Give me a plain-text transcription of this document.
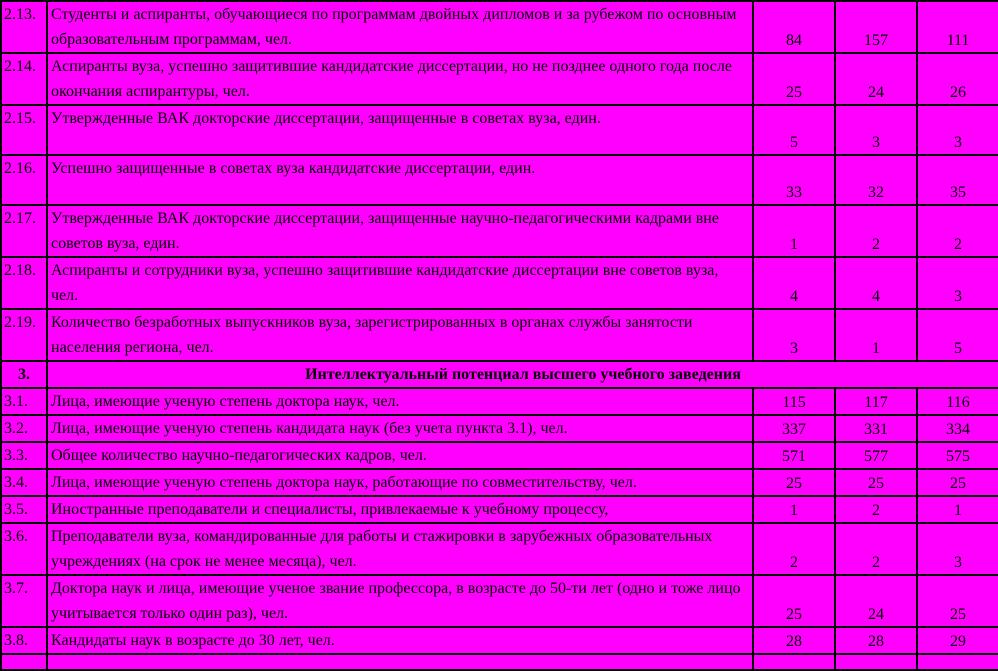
2.13.	Студенты и аспиранты, обучающиеся по программам двойных дипломов и за рубежом по основным образовательным программам, чел.	84	157	111
2.14.	Аспиранты вуза, успешно защитившие кандидатские диссертации, но не позднее одного года после окончания аспирантуры, чел.	25	24	26
2.15.	Утвержденные ВАК докторские диссертации, защищенные в советах вуза, един.	5	3	3
2.16.	Успешно защищенные в советах вуза кандидатские диссертации, един.	33	32	35
2.17.	Утвержденные ВАК докторские диссертации, защищенные научно-педагогическими кадрами вне советов вуза, един.	1	2	2
2.18.	Аспиранты и сотрудники вуза, успешно защитившие кандидатские диссертации вне советов вуза, чел.	4	4	3
2.19.	Количество безработных выпускников вуза, зарегистрированных в органах службы занятости населения региона, чел.	3	1	5
3.	Интеллектуальный потенциал высшего учебного заведения			
3.1.	Лица, имеющие ученую степень доктора наук, чел.	115	117	116
3.2.	Лица, имеющие ученую степень кандидата наук (без учета пункта 3.1), чел.	337	331	334
3.3.	Общее количество научно-педагогических кадров, чел.	571	577	575
3.4.	Лица, имеющие ученую степень доктора наук, работающие по совместительству, чел.	25	25	25
3.5.	Иностранные преподаватели и специалисты, привлекаемые к учебному процессу,	1	2	1
3.6.	Преподаватели вуза, командированные для работы и стажировки в зарубежных образовательных учреждениях (на срок не менее месяца), чел.	2	2	3
3.7.	Доктора наук и лица, имеющие ученое звание профессора, в возрасте до 50-ти лет (одно и тоже лицо учитывается только один раз), чел.	25	24	25
3.8.	Кандидаты наук в возрасте до 30 лет, чел.	28	28	29
